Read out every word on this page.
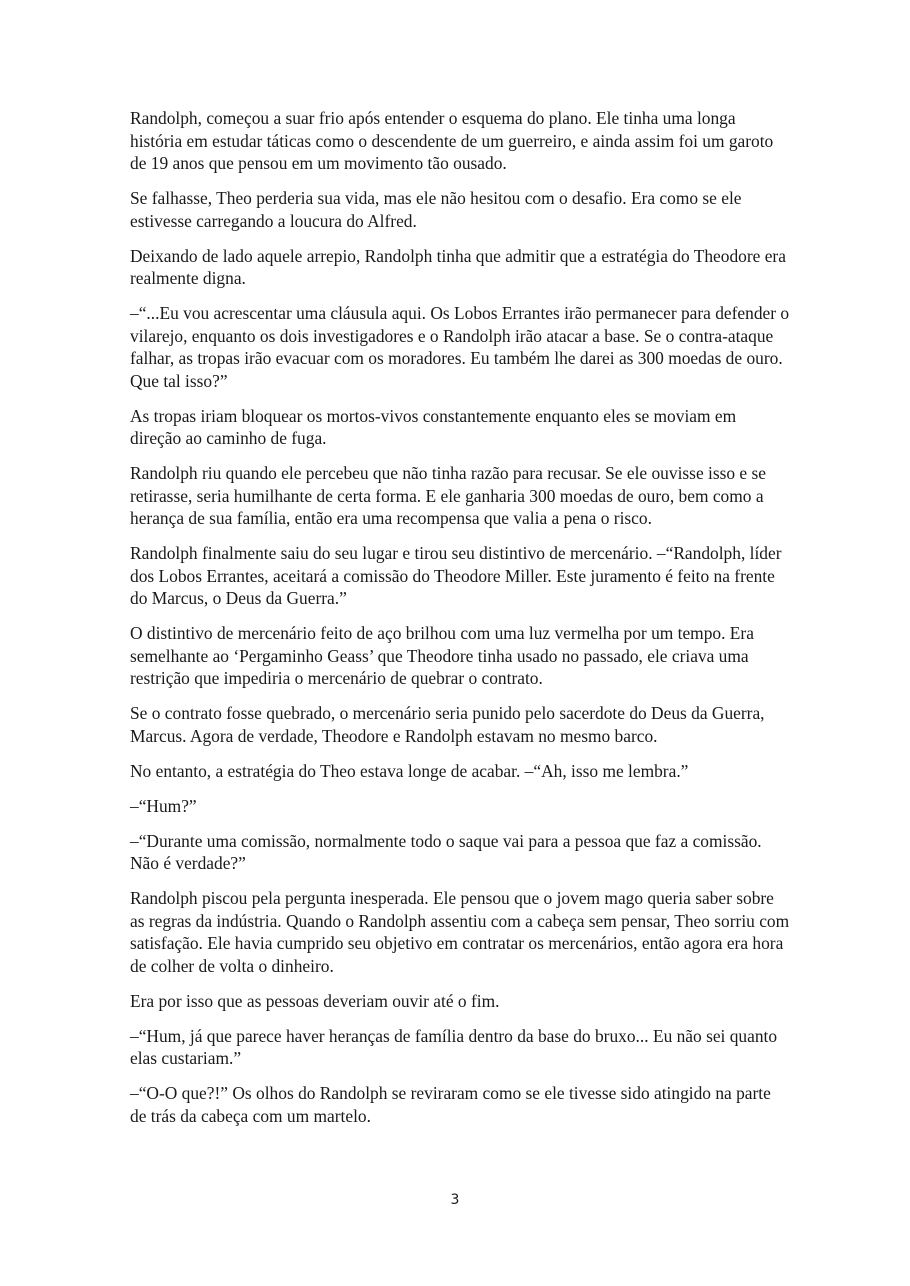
Randolph, começou a suar frio após entender o esquema do plano. Ele tinha uma longa história em estudar táticas como o descendente de um guerreiro, e ainda assim foi um garoto de 19 anos que pensou em um movimento tão ousado.

Se falhasse, Theo perderia sua vida, mas ele não hesitou com o desafio. Era como se ele estivesse carregando a loucura do Alfred.

Deixando de lado aquele arrepio, Randolph tinha que admitir que a estratégia do Theodore era realmente digna.

–“...Eu vou acrescentar uma cláusula aqui. Os Lobos Errantes irão permanecer para defender o vilarejo, enquanto os dois investigadores e o Randolph irão atacar a base. Se o contra-ataque falhar, as tropas irão evacuar com os moradores. Eu também lhe darei as 300 moedas de ouro. Que tal isso?”

As tropas iriam bloquear os mortos-vivos constantemente enquanto eles se moviam em direção ao caminho de fuga.

Randolph riu quando ele percebeu que não tinha razão para recusar. Se ele ouvisse isso e se retirasse, seria humilhante de certa forma. E ele ganharia 300 moedas de ouro, bem como a herança de sua família, então era uma recompensa que valia a pena o risco.

Randolph finalmente saiu do seu lugar e tirou seu distintivo de mercenário. –“Randolph, líder dos Lobos Errantes, aceitará a comissão do Theodore Miller. Este juramento é feito na frente do Marcus, o Deus da Guerra.”

O distintivo de mercenário feito de aço brilhou com uma luz vermelha por um tempo. Era semelhante ao ‘Pergaminho Geass’ que Theodore tinha usado no passado, ele criava uma restrição que impediria o mercenário de quebrar o contrato.

Se o contrato fosse quebrado, o mercenário seria punido pelo sacerdote do Deus da Guerra, Marcus. Agora de verdade, Theodore e Randolph estavam no mesmo barco.

No entanto, a estratégia do Theo estava longe de acabar. –“Ah, isso me lembra.”

–“Hum?”

–“Durante uma comissão, normalmente todo o saque vai para a pessoa que faz a comissão. Não é verdade?”

Randolph piscou pela pergunta inesperada. Ele pensou que o jovem mago queria saber sobre as regras da indústria. Quando o Randolph assentiu com a cabeça sem pensar, Theo sorriu com satisfação. Ele havia cumprido seu objetivo em contratar os mercenários, então agora era hora de colher de volta o dinheiro.

Era por isso que as pessoas deveriam ouvir até o fim.

–“Hum, já que parece haver heranças de família dentro da base do bruxo... Eu não sei quanto elas custariam.”

–“O-O que?!” Os olhos do Randolph se reviraram como se ele tivesse sido atingido na parte de trás da cabeça com um martelo.

3
